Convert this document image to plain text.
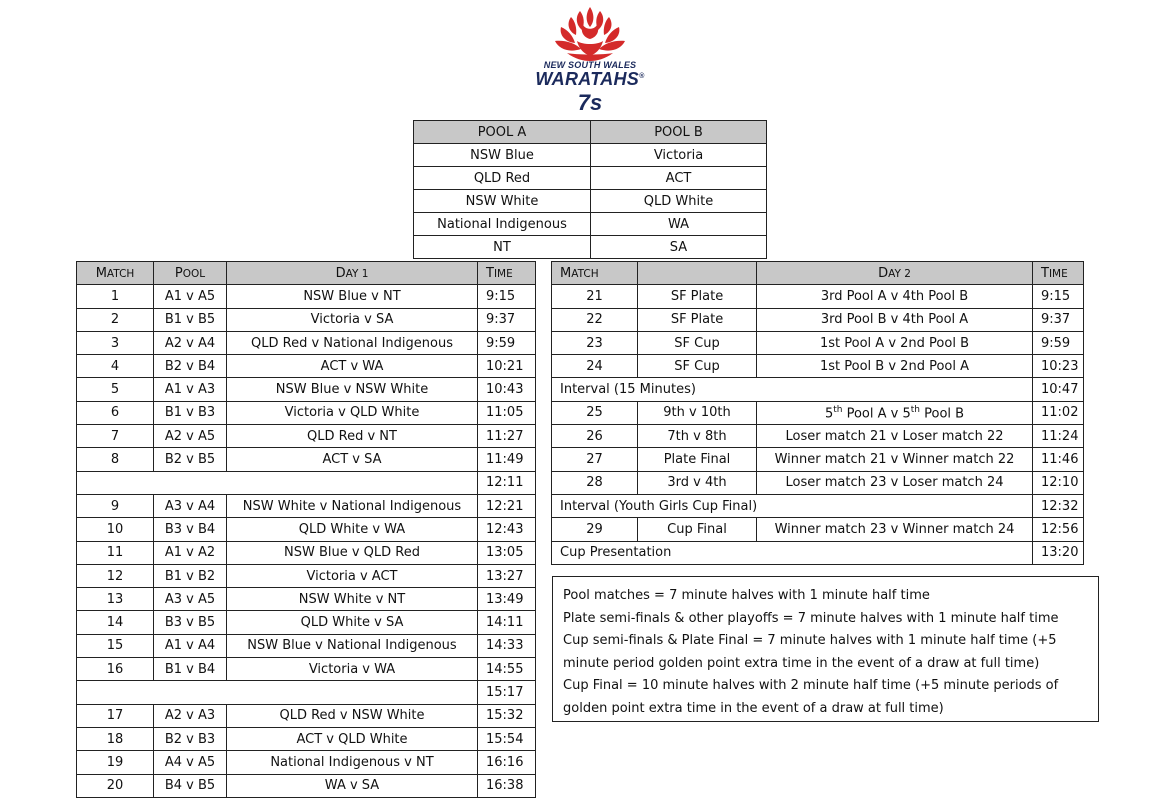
NEW SOUTH WALES
WARATAHS®
7s
POOL A	POOL B
NSW Blue	Victoria
QLD Red	ACT
NSW White	QLD White
National Indigenous	WA
NT	SA
MATCH	POOL	DAY 1	TIME
1	A1 v A5	NSW Blue v NT	9:15
2	B1 v B5	Victoria v SA	9:37
3	A2 v A4	QLD Red v National Indigenous	9:59
4	B2 v B4	ACT v WA	10:21
5	A1 v A3	NSW Blue v NSW White	10:43
6	B1 v B3	Victoria v QLD White	11:05
7	A2 v A5	QLD Red v NT	11:27
8	B2 v B5	ACT v SA	11:49
			12:11
9	A3 v A4	NSW White v National Indigenous	12:21
10	B3 v B4	QLD White v WA	12:43
11	A1 v A2	NSW Blue v QLD Red	13:05
12	B1 v B2	Victoria v ACT	13:27
13	A3 v A5	NSW White v NT	13:49
14	B3 v B5	QLD White v SA	14:11
15	A1 v A4	NSW Blue v National Indigenous	14:33
16	B1 v B4	Victoria v WA	14:55
			15:17
17	A2 v A3	QLD Red v NSW White	15:32
18	B2 v B3	ACT v QLD White	15:54
19	A4 v A5	National Indigenous v NT	16:16
20	B4 v B5	WA v SA	16:38
MATCH		DAY 2	TIME
21	SF Plate	3rd Pool A v 4th Pool B	9:15
22	SF Plate	3rd Pool B v 4th Pool A	9:37
23	SF Cup	1st Pool A v 2nd Pool B	9:59
24	SF Cup	1st Pool B v 2nd Pool A	10:23
Interval (15 Minutes)			10:47
25	9th v 10th	5th Pool A v 5th Pool B	11:02
26	7th v 8th	Loser match 21 v Loser match 22	11:24
27	Plate Final	Winner match 21 v Winner match 22	11:46
28	3rd v 4th	Loser match 23 v Loser match 24	12:10
Interval (Youth Girls Cup Final)			12:32
29	Cup Final	Winner match 23 v Winner match 24	12:56
Cup Presentation			13:20

Pool matches = 7 minute halves with 1 minute half time

Plate semi-finals & other playoffs = 7 minute halves with 1 minute half time

Cup semi-finals & Plate Final = 7 minute halves with 1 minute half time (+5 minute period golden point extra time in the event of a draw at full time)

Cup Final = 10 minute halves with 2 minute half time (+5 minute periods of golden point extra time in the event of a draw at full time)
